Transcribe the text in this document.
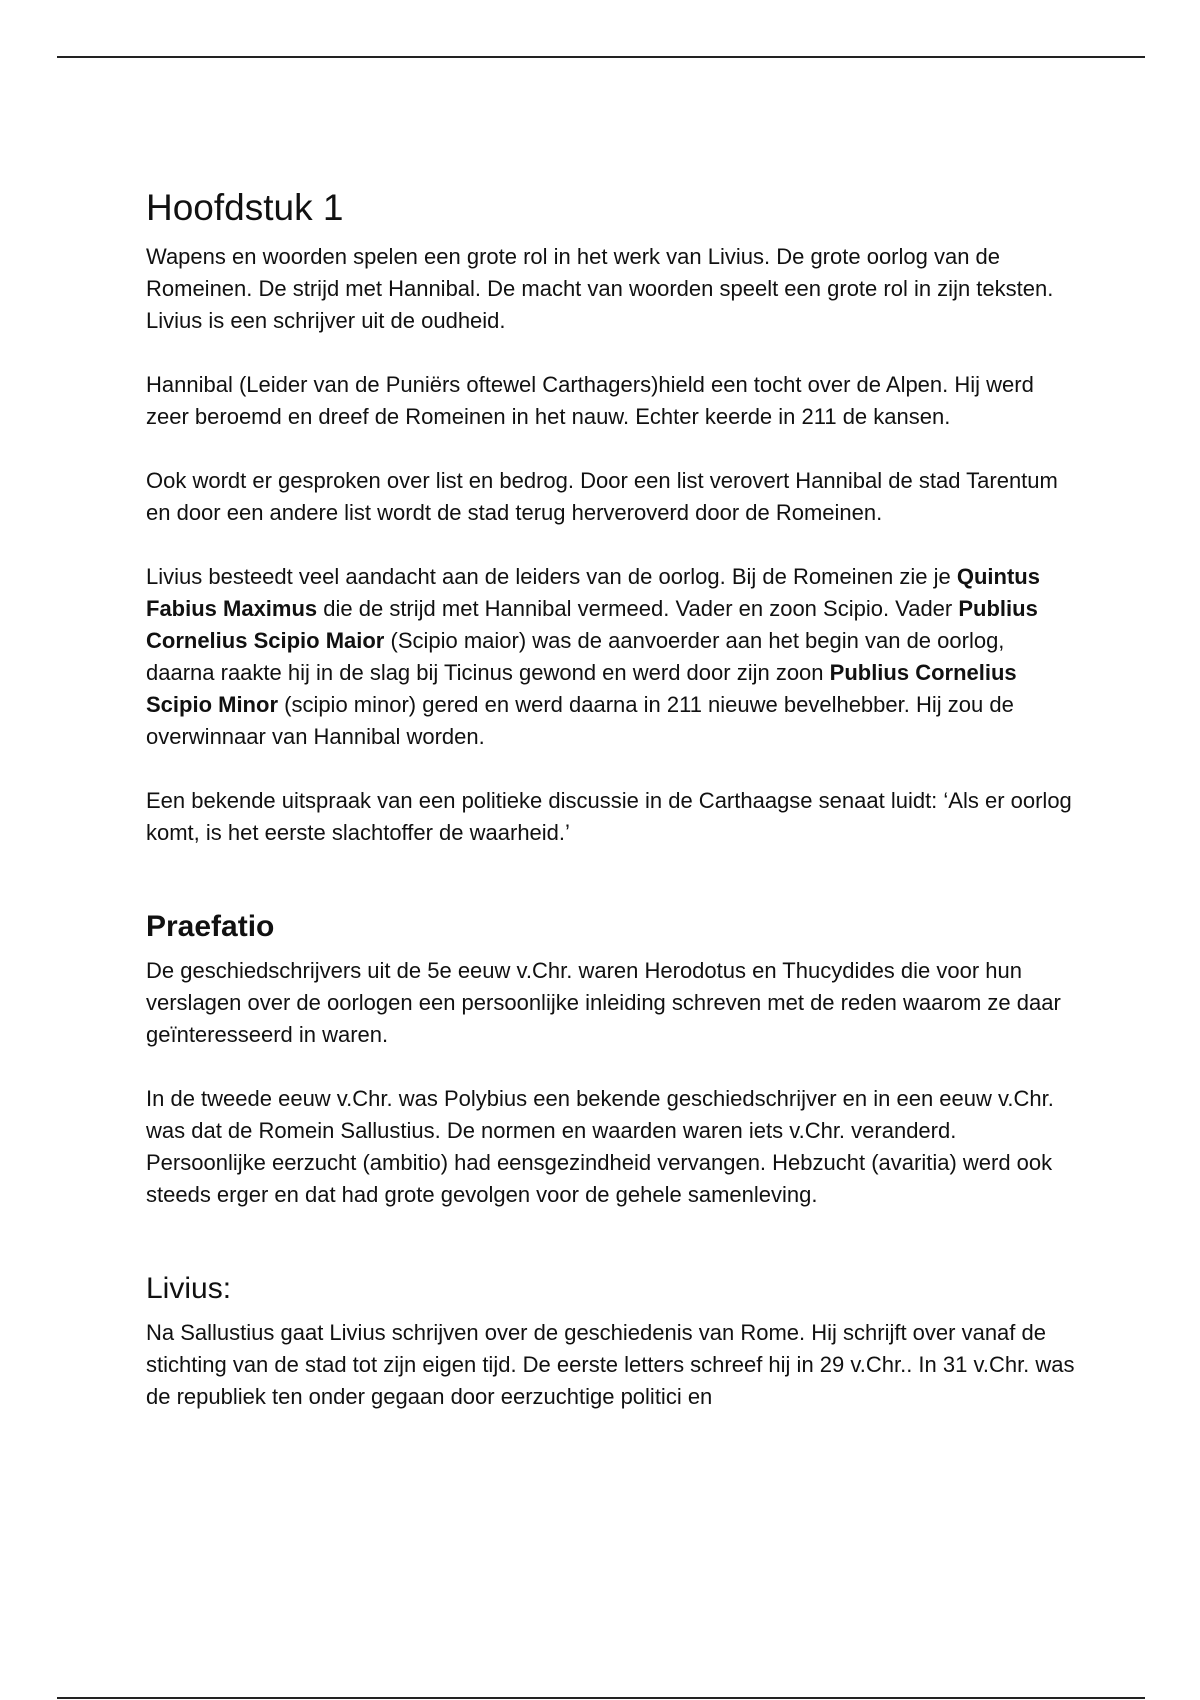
Hoofdstuk 1

Wapens en woorden spelen een grote rol in het werk van Livius. De grote oorlog van de Romeinen. De strijd met Hannibal. De macht van woorden speelt een grote rol in zijn teksten. Livius is een schrijver uit de oudheid.

Hannibal (Leider van de Puniërs oftewel Carthagers)hield een tocht over de Alpen. Hij werd zeer beroemd en dreef de Romeinen in het nauw. Echter keerde in 211 de kansen.

Ook wordt er gesproken over list en bedrog. Door een list verovert Hannibal de stad Tarentum en door een andere list wordt de stad terug herveroverd door de Romeinen.

Livius besteedt veel aandacht aan de leiders van de oorlog. Bij de Romeinen zie je Quintus Fabius Maximus die de strijd met Hannibal vermeed. Vader en zoon Scipio. Vader Publius Cornelius Scipio Maior (Scipio maior) was de aanvoerder aan het begin van de oorlog, daarna raakte hij in de slag bij Ticinus gewond en werd door zijn zoon Publius Cornelius Scipio Minor (scipio minor) gered en werd daarna in 211 nieuwe bevelhebber. Hij zou de overwinnaar van Hannibal worden.

Een bekende uitspraak van een politieke discussie in de Carthaagse senaat luidt: ‘Als er oorlog komt, is het eerste slachtoffer de waarheid.’

Praefatio

De geschiedschrijvers uit de 5e eeuw v.Chr. waren Herodotus en Thucydides die voor hun verslagen over de oorlogen een persoonlijke inleiding schreven met de reden waarom ze daar geïnteresseerd in waren.

In de tweede eeuw v.Chr. was Polybius een bekende geschiedschrijver en in een eeuw v.Chr. was dat de Romein Sallustius. De normen en waarden waren iets v.Chr. veranderd. Persoonlijke eerzucht (ambitio) had eensgezindheid vervangen. Hebzucht (avaritia) werd ook steeds erger en dat had grote gevolgen voor de gehele samenleving.

Livius:

Na Sallustius gaat Livius schrijven over de geschiedenis van Rome. Hij schrijft over vanaf de stichting van de stad tot zijn eigen tijd. De eerste letters schreef hij in 29 v.Chr.. In 31 v.Chr. was de republiek ten onder gegaan door eerzuchtige politici en
